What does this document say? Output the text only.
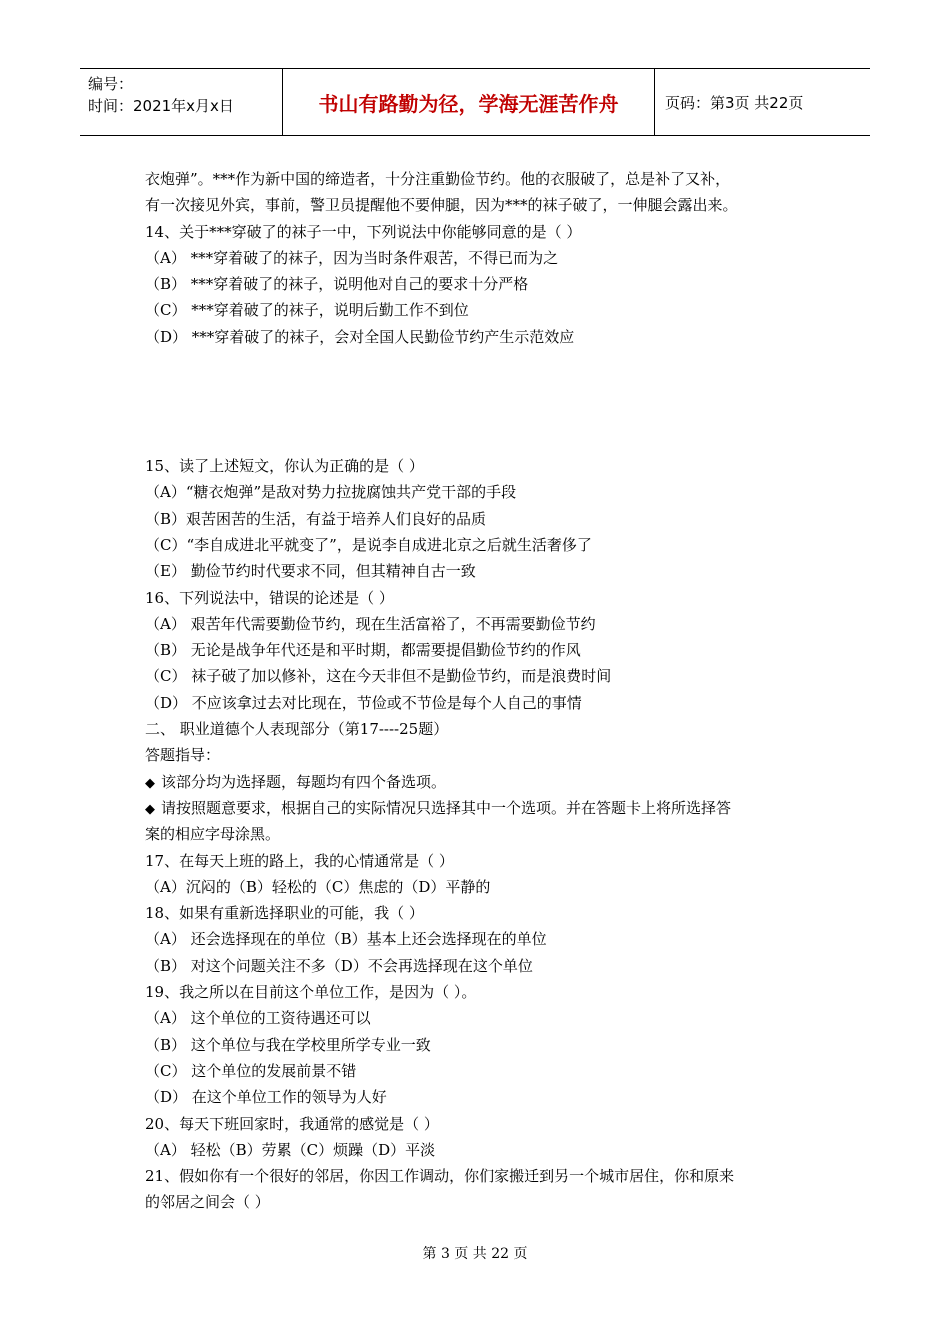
编号：
时间：2021年x月x日	书山有路勤为径，学海无涯苦作舟	页码：第3页 共22页
衣炮弹”。***作为新中国的缔造者，十分注重勤俭节约。他的衣服破了，总是补了又补，
有一次接见外宾，事前，警卫员提醒他不要伸腿，因为***的袜子破了，一伸腿会露出来。
14、关于***穿破了的袜子一中，下列说法中你能够同意的是（ ）
（A） ***穿着破了的袜子，因为当时条件艰苦，不得已而为之
（B） ***穿着破了的袜子，说明他对自己的要求十分严格
（C） ***穿着破了的袜子，说明后勤工作不到位
（D） ***穿着破了的袜子，会对全国人民勤俭节约产生示范效应
15、读了上述短文，你认为正确的是（ ）
（A）“糖衣炮弹”是敌对势力拉拢腐蚀共产党干部的手段
（B）艰苦困苦的生活，有益于培养人们良好的品质
（C）“李自成进北平就变了”，是说李自成进北京之后就生活奢侈了
（E） 勤俭节约时代要求不同，但其精神自古一致
16、下列说法中，错误的论述是（ ）
（A） 艰苦年代需要勤俭节约，现在生活富裕了，不再需要勤俭节约
（B） 无论是战争年代还是和平时期，都需要提倡勤俭节约的作风
（C） 袜子破了加以修补，这在今天非但不是勤俭节约，而是浪费时间
（D） 不应该拿过去对比现在，节俭或不节俭是每个人自己的事情
二、 职业道德个人表现部分（第17----25题）
答题指导：
◆ 该部分均为选择题，每题均有四个备选项。
◆ 请按照题意要求，根据自己的实际情况只选择其中一个选项。并在答题卡上将所选择答
案的相应字母涂黑。
17、在每天上班的路上，我的心情通常是（ ）
（A）沉闷的（B）轻松的（C）焦虑的（D）平静的
18、如果有重新选择职业的可能，我（ ）
（A） 还会选择现在的单位（B）基本上还会选择现在的单位
（B） 对这个问题关注不多（D）不会再选择现在这个单位
19、我之所以在目前这个单位工作，是因为（ ）。
（A） 这个单位的工资待遇还可以
（B） 这个单位与我在学校里所学专业一致
（C） 这个单位的发展前景不错
（D） 在这个单位工作的领导为人好
20、每天下班回家时，我通常的感觉是（ ）
（A） 轻松（B）劳累（C）烦躁（D）平淡
21、假如你有一个很好的邻居，你因工作调动，你们家搬迁到另一个城市居住，你和原来
的邻居之间会（ ）
第 3 页 共 22 页
